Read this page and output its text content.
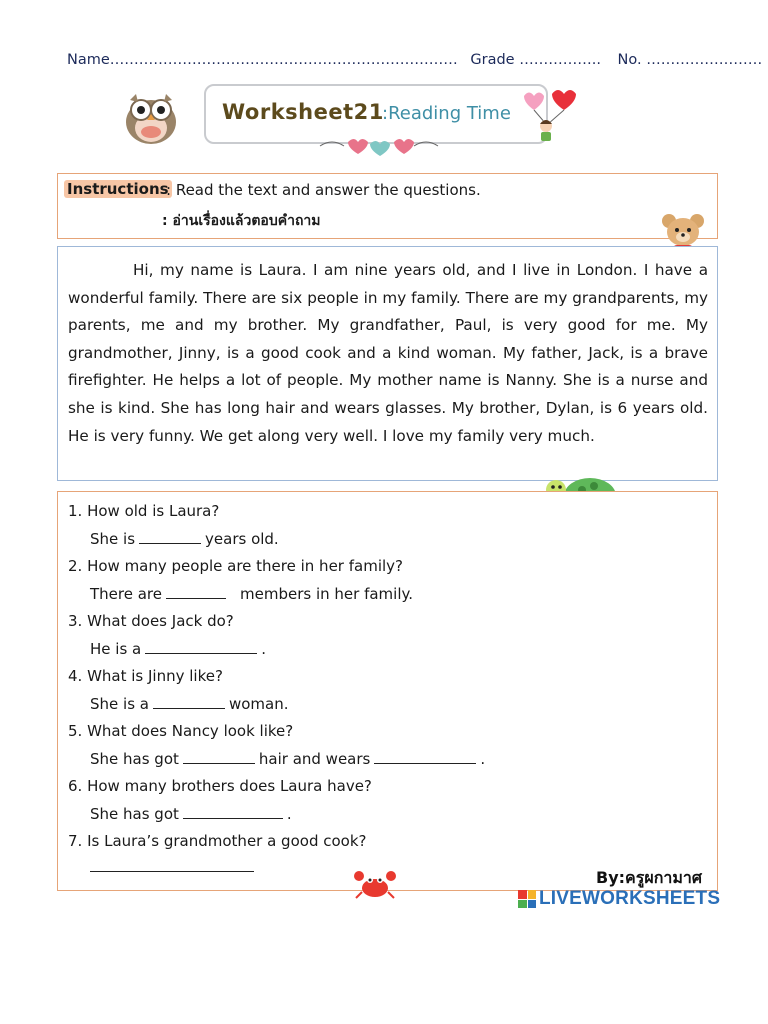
Name……………………………………………………………… Grade …………….. No. ……………………
Worksheet21
:Reading Time
Instructions
: Read the text and answer the questions.
: อ่านเรื่องแล้วตอบคำถาม

Hi, my name is Laura. I am nine years old, and I live in London. I have a wonderful family. There are six people in my family. There are my grandparents, my parents, me and my brother. My grandfather, Paul, is very good for me. My grandmother, Jinny, is a good cook and a kind woman. My father, Jack, is a brave firefighter. He helps a lot of people. My mother name is Nanny. She is a nurse and she is kind. She has long hair and wears glasses. My brother, Dylan, is 6 years old. He is very funny. We get along very well. I love my family very much.

1. How old is Laura?
She is	years old.
2. How many people are there in her family?
There are	members in her family.
3. What does Jack do?
He is a	.
4. What is Jinny like?
She is a	woman.
5. What does Nancy look like?
She has got	hair and wears	.
6. How many brothers does Laura have?
She has got	.
7. Is Laura’s grandmother a good cook?
By:ครูผกามาศ
LIVEWORKSHEETS
